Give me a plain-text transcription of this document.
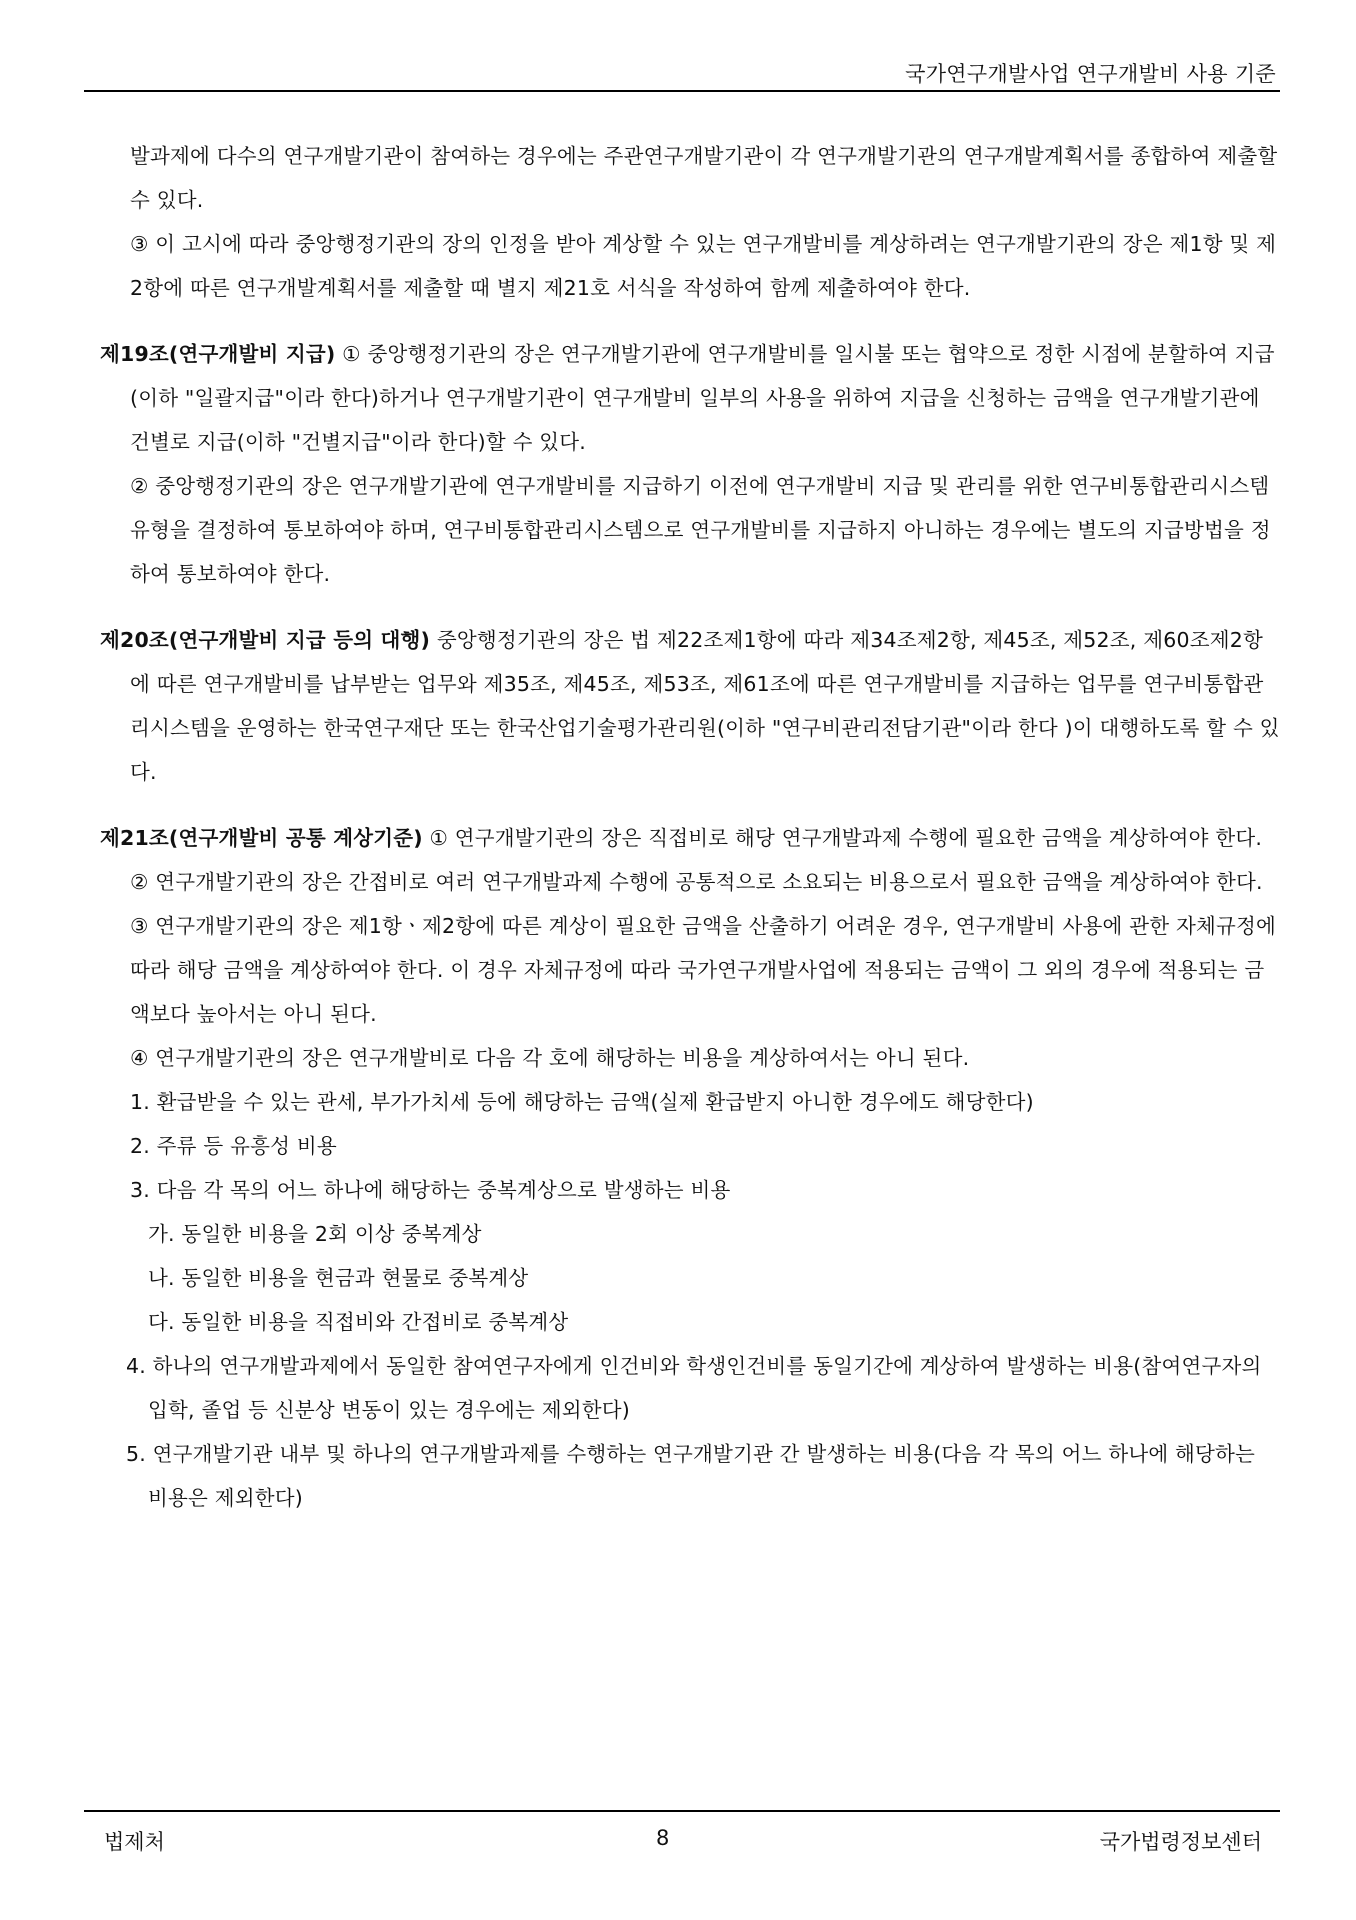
국가연구개발사업 연구개발비 사용 기준

발과제에 다수의 연구개발기관이 참여하는 경우에는 주관연구개발기관이 각 연구개발기관의 연구개발계획서를 종합하여 제출할 수 있다.

③ 이 고시에 따라 중앙행정기관의 장의 인정을 받아 계상할 수 있는 연구개발비를 계상하려는 연구개발기관의 장은 제1항 및 제2항에 따른 연구개발계획서를 제출할 때 별지 제21호 서식을 작성하여 함께 제출하여야 한다.

제19조(연구개발비 지급) ① 중앙행정기관의 장은 연구개발기관에 연구개발비를 일시불 또는 협약으로 정한 시점에 분할하여 지급(이하 "일괄지급"이라 한다)하거나 연구개발기관이 연구개발비 일부의 사용을 위하여 지급을 신청하는 금액을 연구개발기관에 건별로 지급(이하 "건별지급"이라 한다)할 수 있다.

② 중앙행정기관의 장은 연구개발기관에 연구개발비를 지급하기 이전에 연구개발비 지급 및 관리를 위한 연구비통합관리시스템 유형을 결정하여 통보하여야 하며, 연구비통합관리시스템으로 연구개발비를 지급하지 아니하는 경우에는 별도의 지급방법을 정하여 통보하여야 한다.

제20조(연구개발비 지급 등의 대행) 중앙행정기관의 장은 법 제22조제1항에 따라 제34조제2항, 제45조, 제52조, 제60조제2항에 따른 연구개발비를 납부받는 업무와 제35조, 제45조, 제53조, 제61조에 따른 연구개발비를 지급하는 업무를 연구비통합관리시스템을 운영하는 한국연구재단 또는 한국산업기술평가관리원(이하 "연구비관리전담기관"이라 한다 )이 대행하도록 할 수 있다.

제21조(연구개발비 공통 계상기준) ① 연구개발기관의 장은 직접비로 해당 연구개발과제 수행에 필요한 금액을 계상하여야 한다.

② 연구개발기관의 장은 간접비로 여러 연구개발과제 수행에 공통적으로 소요되는 비용으로서 필요한 금액을 계상하여야 한다.

③ 연구개발기관의 장은 제1항ㆍ제2항에 따른 계상이 필요한 금액을 산출하기 어려운 경우, 연구개발비 사용에 관한 자체규정에 따라 해당 금액을 계상하여야 한다. 이 경우 자체규정에 따라 국가연구개발사업에 적용되는 금액이 그 외의 경우에 적용되는 금액보다 높아서는 아니 된다.

④ 연구개발기관의 장은 연구개발비로 다음 각 호에 해당하는 비용을 계상하여서는 아니 된다.

1. 환급받을 수 있는 관세, 부가가치세 등에 해당하는 금액(실제 환급받지 아니한 경우에도 해당한다)

2. 주류 등 유흥성 비용

3. 다음 각 목의 어느 하나에 해당하는 중복계상으로 발생하는 비용

가. 동일한 비용을 2회 이상 중복계상

나. 동일한 비용을 현금과 현물로 중복계상

다. 동일한 비용을 직접비와 간접비로 중복계상

4. 하나의 연구개발과제에서 동일한 참여연구자에게 인건비와 학생인건비를 동일기간에 계상하여 발생하는 비용(참여연구자의 입학, 졸업 등 신분상 변동이 있는 경우에는 제외한다)

5. 연구개발기관 내부 및 하나의 연구개발과제를 수행하는 연구개발기관 간 발생하는 비용(다음 각 목의 어느 하나에 해당하는 비용은 제외한다)

법제처	8	국가법령정보센터
